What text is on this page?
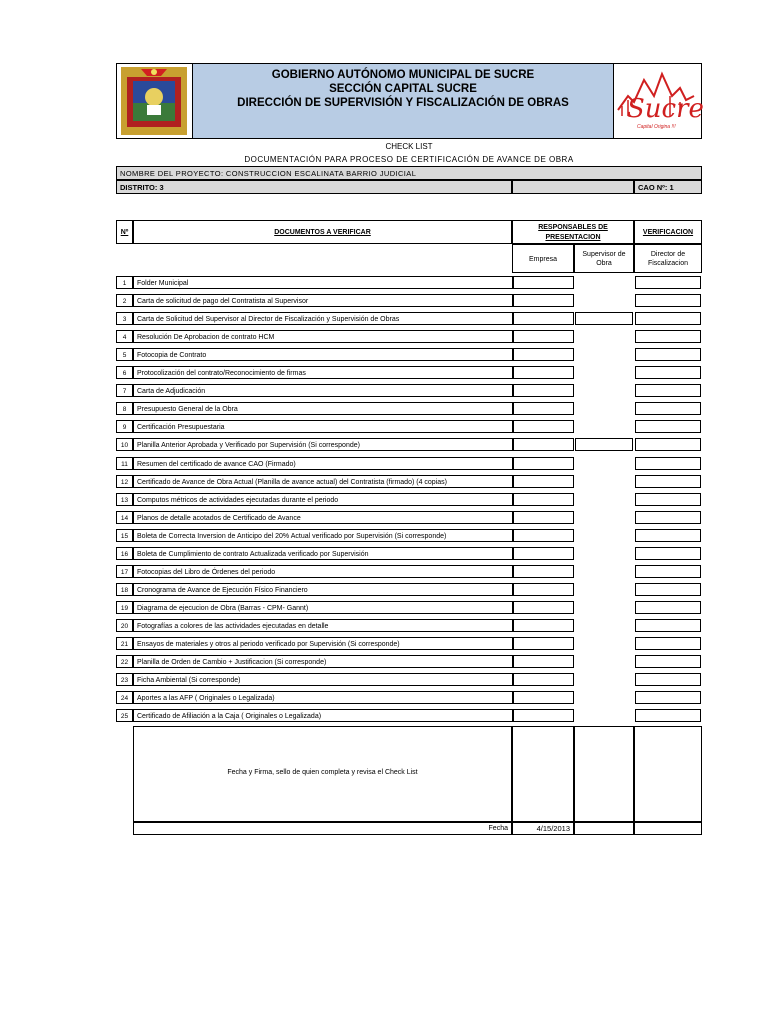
GOBIERNO AUTÓNOMO MUNICIPAL DE SUCRE
SECCIÓN CAPITAL SUCRE
DIRECCIÓN DE SUPERVISIÓN Y FISCALIZACIÓN DE OBRAS	Sucre
Capital Origina !!!
CHECK LIST
DOCUMENTACIÓN PARA PROCESO DE CERTIFICACIÓN DE AVANCE DE OBRA
NOMBRE DEL PROYECTO: CONSTRUCCION ESCALINATA BARRIO JUDICIAL
DISTRITO: 3	CAO Nº: 1
Nº	DOCUMENTOS A VERIFICAR
RESPONSABLES DE PRESENTACION
VERIFICACION
Empresa
Supervisor de Obra
Director de Fiscalizacion
1	Folder Municipal
2	Carta de solicitud de pago del Contratista al Supervisor
3	Carta de Solicitud del Supervisor al Director de Fiscalización y Supervisión de Obras
4	Resolución De Aprobacion de contrato HCM
5	Fotocopia de Contrato
6	Protocolización del contrato/Reconocimiento de firmas
7	Carta de Adjudicación
8	Presupuesto General de la Obra
9	Certificación Presupuestaria
10	Planilla Anterior Aprobada y Verificado por Supervisión (Si corresponde)
11	Resumen del certificado de avance CAO (Firmado)
12	Certificado de Avance de Obra Actual (Planilla de avance actual) del Contratista (firmado) (4 copias)
13	Computos métricos de actividades ejecutadas durante el periodo
14	Planos de detalle acotados de Certificado de Avance
15	Boleta de Correcta Inversion de Anticipo del 20% Actual verificado por Supervisión (Si corresponde)
16	Boleta de Cumplimiento de contrato Actualizada verificado por Supervisión
17	Fotocopias del Libro de Órdenes del periodo
18	Cronograma de Avance de Ejecución Físico Financiero
19	Diagrama de ejecucion de Obra (Barras - CPM- Gannt)
20	Fotografías a colores de las actividades ejecutadas en detalle
21	Ensayos de materiales y otros al periodo verificado por Supervisión (Si corresponde)
22	Planilla de Orden de Cambio + Justificacion (Si corresponde)
23	Ficha Ambiental (Si corresponde)
24	Aportes a las AFP ( Originales o Legalizada)
25	Certificado de Afiliación a la Caja ( Originales o Legalizada)
Fecha y Firma, sello de quien completa y revisa el Check List
Fecha	4/15/2013
